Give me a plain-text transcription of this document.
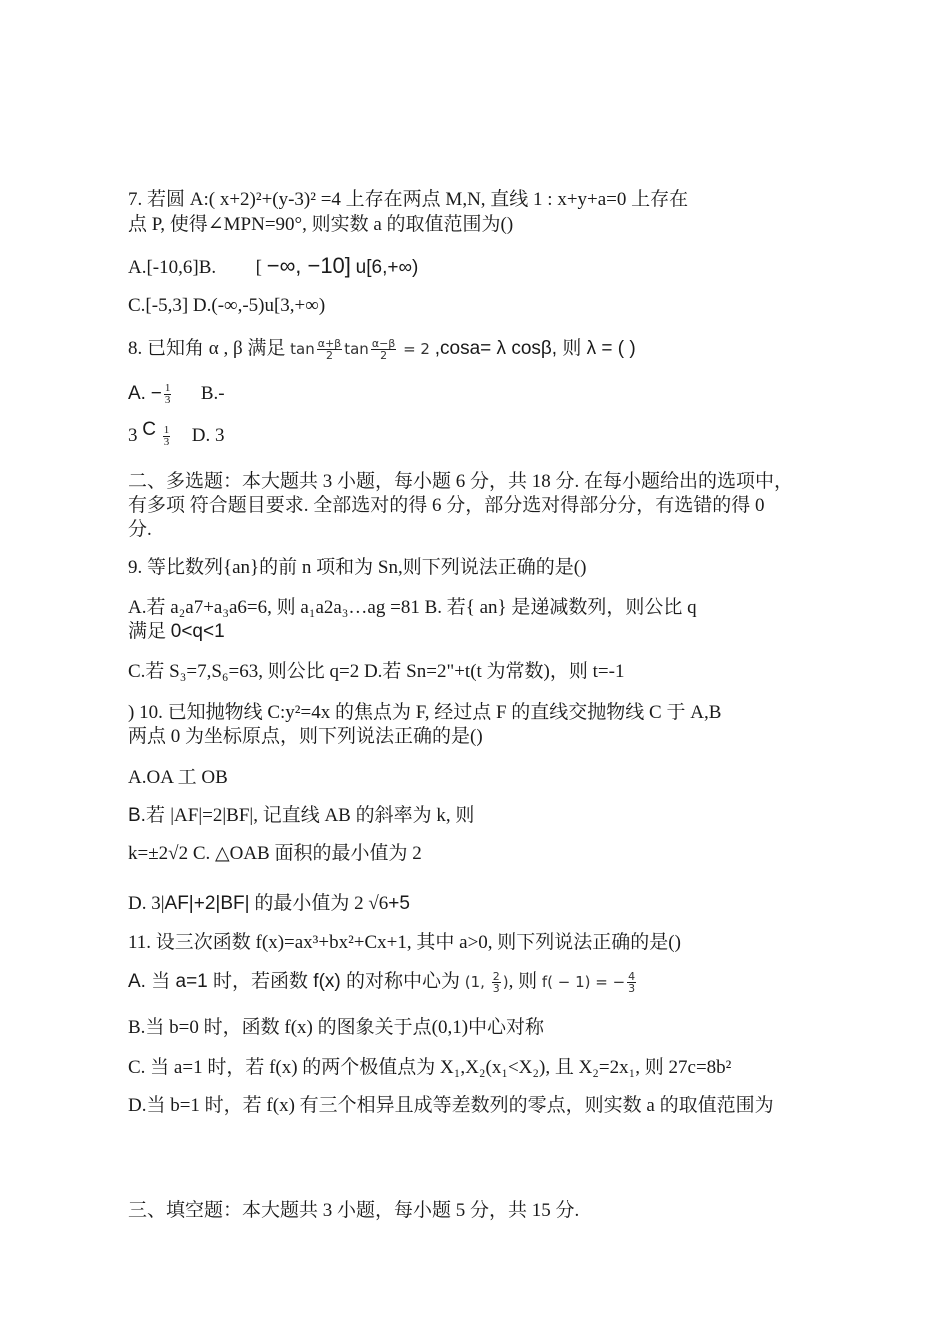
7. 若圆 A:( x+2)²+(y-3)² =4 上存在两点 M,N, 直线 1 : x+y+a=0 上存在
点 P, 使得∠MPN=90°, 则实数 a 的取值范围为()
A.[-10,6]B. [ −∞, −10] u[6,+∞)
C.[-5,3] D.(-∞,-5)u[3,+∞)
8. 已知角 α , β 满足 $\tan \frac{\alpha+\beta}{2}$ $\tan \frac{\alpha-\beta}{2} = 2$ ,cosa= λ cosβ, 则 λ = ( )
A. − $\frac{1}{3} B.-$
3 C $\frac{1}{3} D$. 3
二、多选题：本大题共 3 小题，每小题 6 分，共 18 分. 在每小题给出的选项中，
有多项 符合题目要求. 全部选对的得 6 分，部分选对得部分分，有选错的得 0
分.
9. 等比数列{an}的前 n 项和为 Sn,则下列说法正确的是()
A.若 a₂a7+a₃a6=6, 则 a₁a2a₃…ag =81 B. 若{ an} 是递减数列，则公比 q
满足 0<q<1
C.若 S₃=7,S₆=63, 则公比 q=2 D.若 Sn=2"+t(t 为常数)，则 t=-1
) 10. 已知抛物线 C:y²=4x 的焦点为 F, 经过点 F 的直线交抛物线 C 于 A,B
两点 0 为坐标原点，则下列说法正确的是()
A.OA 工 OB
B.若 |AF|=2|BF|, 记直线 AB 的斜率为 k, 则
k=±2√2 C. △OAB 面积的最小值为 2
D. 3|AF|+2|BF| 的最小值为 2 √6+5
11. 设三次函数 f(x)=ax³+bx²+Cx+1, 其中 a>0, 则下列说法正确的是()
A. 当 a=1 时，若函数 f(x) 的对称中心为 (1, $\frac{2}{3}$ ), 则 f( − 1) = − $\frac{4}{3}$
B.当 b=0 时，函数 f(x) 的图象关于点(0,1)中心对称
C. 当 a=1 时，若 f(x) 的两个极值点为 X₁,X₂(x₁<X₂), 且 X₂=2x₁, 则 27c=8b²
D.当 b=1 时，若 f(x) 有三个相异且成等差数列的零点，则实数 a 的取值范围为
三、填空题：本大题共 3 小题，每小题 5 分，共 15 分.
